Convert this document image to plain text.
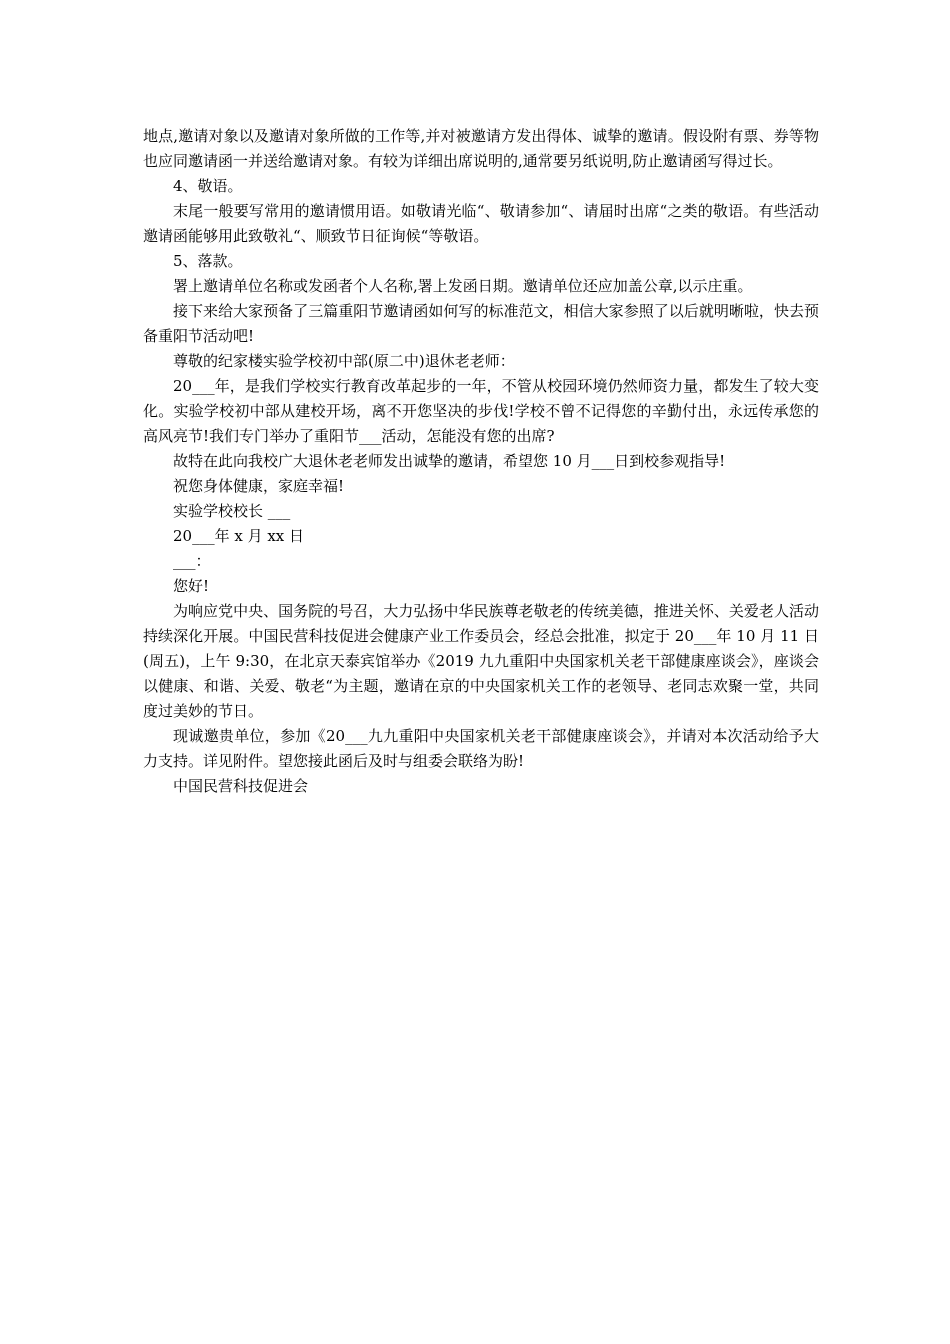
地点,邀请对象以及邀请对象所做的工作等,并对被邀请方发出得体、诚挚的邀请。假设附有票、券等物也应同邀请函一并送给邀请对象。有较为详细出席说明的,通常要另纸说明,防止邀请函写得过长。

4、敬语。

末尾一般要写常用的邀请惯用语。如敬请光临“、敬请参加“、请届时出席“之类的敬语。有些活动邀请函能够用此致敬礼“、顺致节日征询候“等敬语。

5、落款。

署上邀请单位名称或发函者个人名称,署上发函日期。邀请单位还应加盖公章,以示庄重。

接下来给大家预备了三篇重阳节邀请函如何写的标准范文，相信大家参照了以后就明晰啦，快去预备重阳节活动吧!

尊敬的纪家楼实验学校初中部(原二中)退休老老师：

20___年，是我们学校实行教育改革起步的一年，不管从校园环境仍然师资力量，都发生了较大变化。实验学校初中部从建校开场，离不开您坚决的步伐!学校不曾不记得您的辛勤付出，永远传承您的高风亮节!我们专门举办了重阳节___活动，怎能没有您的出席?

故特在此向我校广大退休老老师发出诚挚的邀请，希望您 10 月___日到校参观指导!

祝您身体健康，家庭幸福!

实验学校校长 ___

20___年 x 月 xx 日

___：

您好!

为响应党中央、国务院的号召，大力弘扬中华民族尊老敬老的传统美德，推进关怀、关爱老人活动持续深化开展。中国民营科技促进会健康产业工作委员会，经总会批准，拟定于 20___年 10 月 11 日(周五)，上午 9:30，在北京天泰宾馆举办《2019 九九重阳中央国家机关老干部健康座谈会》，座谈会以健康、和谐、关爱、敬老“为主题，邀请在京的中央国家机关工作的老领导、老同志欢聚一堂，共同度过美妙的节日。

现诚邀贵单位，参加《20___九九重阳中央国家机关老干部健康座谈会》，并请对本次活动给予大力支持。详见附件。望您接此函后及时与组委会联络为盼!

中国民营科技促进会
